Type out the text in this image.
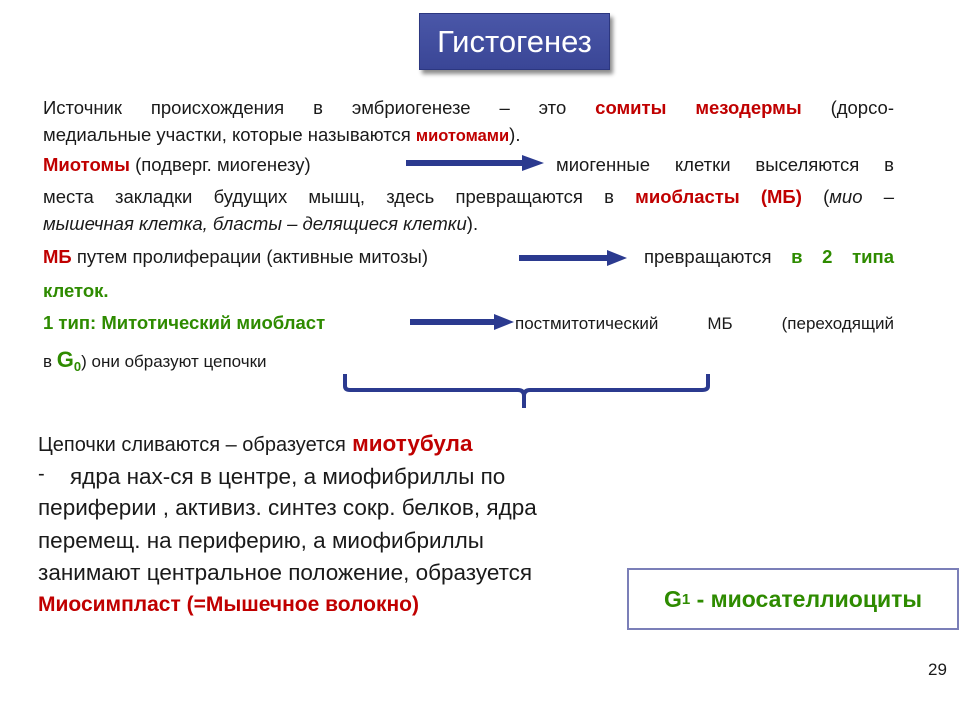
Гистогенез
Источник происхождения в эмбриогенезе – это сомиты мезодермы (дорсо-
медиальные участки, которые называются миотомами).
Миотомы (подверг. миогенезу)	миогенные клетки выселяются в
места закладки будущих мышц, здесь превращаются в миобласты (МБ) (мио –
мышечная клетка, бласты – делящиеся клетки).
МБ путем пролиферации (активные митозы)	превращаются в 2 типа
клеток.
1 тип: Митотический миобласт	постмитотический МБ (переходящий
в $G_0$) они образуют цепочки
Цепочки сливаются – образуется миотубула
- ядра нах-ся в центре, а миофибриллы по
периферии , активиз. синтез сокр. белков, ядра
перемещ. на периферию, а миофибриллы
занимают центральное положение, образуется
Миосимпласт (=Мышечное волокно)	G 1 - миосателлиоциты
29
